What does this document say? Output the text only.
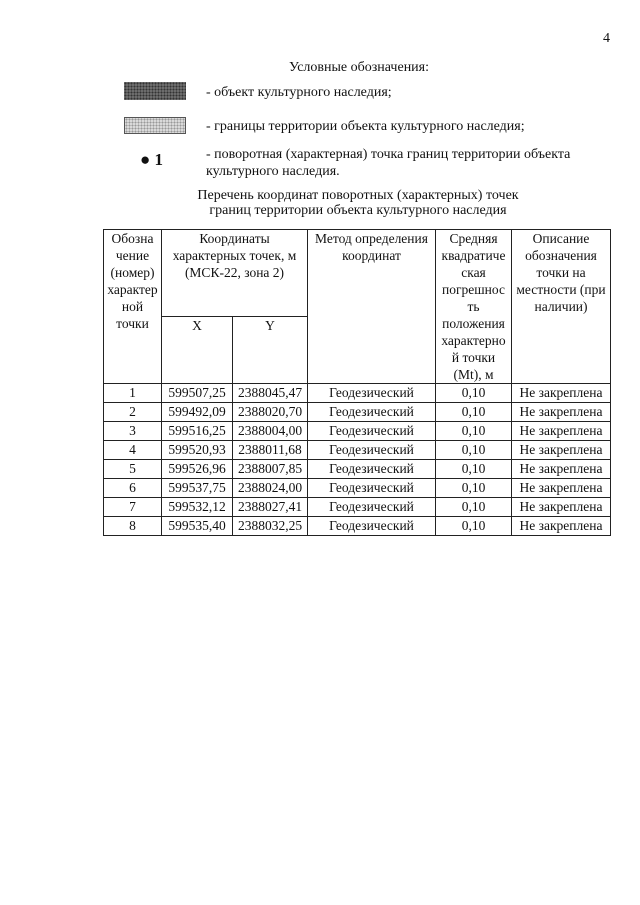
4
Условные обозначения:
- объект культурного наследия;
- границы территории объекта культурного наследия;
● 1	- поворотная (характерная) точка границ территории объекта культурного наследия.
Перечень координат поворотных (характерных) точек
границ территории объекта культурного наследия
Обозна чение (номер) характер ной точки	Координаты характерных точек, м (МСК-22, зона 2)		Метод определения координат	Средняя квадратиче ская погрешнос ть положения характерно й точки (Mt), м	Описание обозначения точки на местности (при наличии)
	X	Y			
1	599507,25	2388045,47	Геодезический	0,10	Не закреплена
2	599492,09	2388020,70	Геодезический	0,10	Не закреплена
3	599516,25	2388004,00	Геодезический	0,10	Не закреплена
4	599520,93	2388011,68	Геодезический	0,10	Не закреплена
5	599526,96	2388007,85	Геодезический	0,10	Не закреплена
6	599537,75	2388024,00	Геодезический	0,10	Не закреплена
7	599532,12	2388027,41	Геодезический	0,10	Не закреплена
8	599535,40	2388032,25	Геодезический	0,10	Не закреплена
